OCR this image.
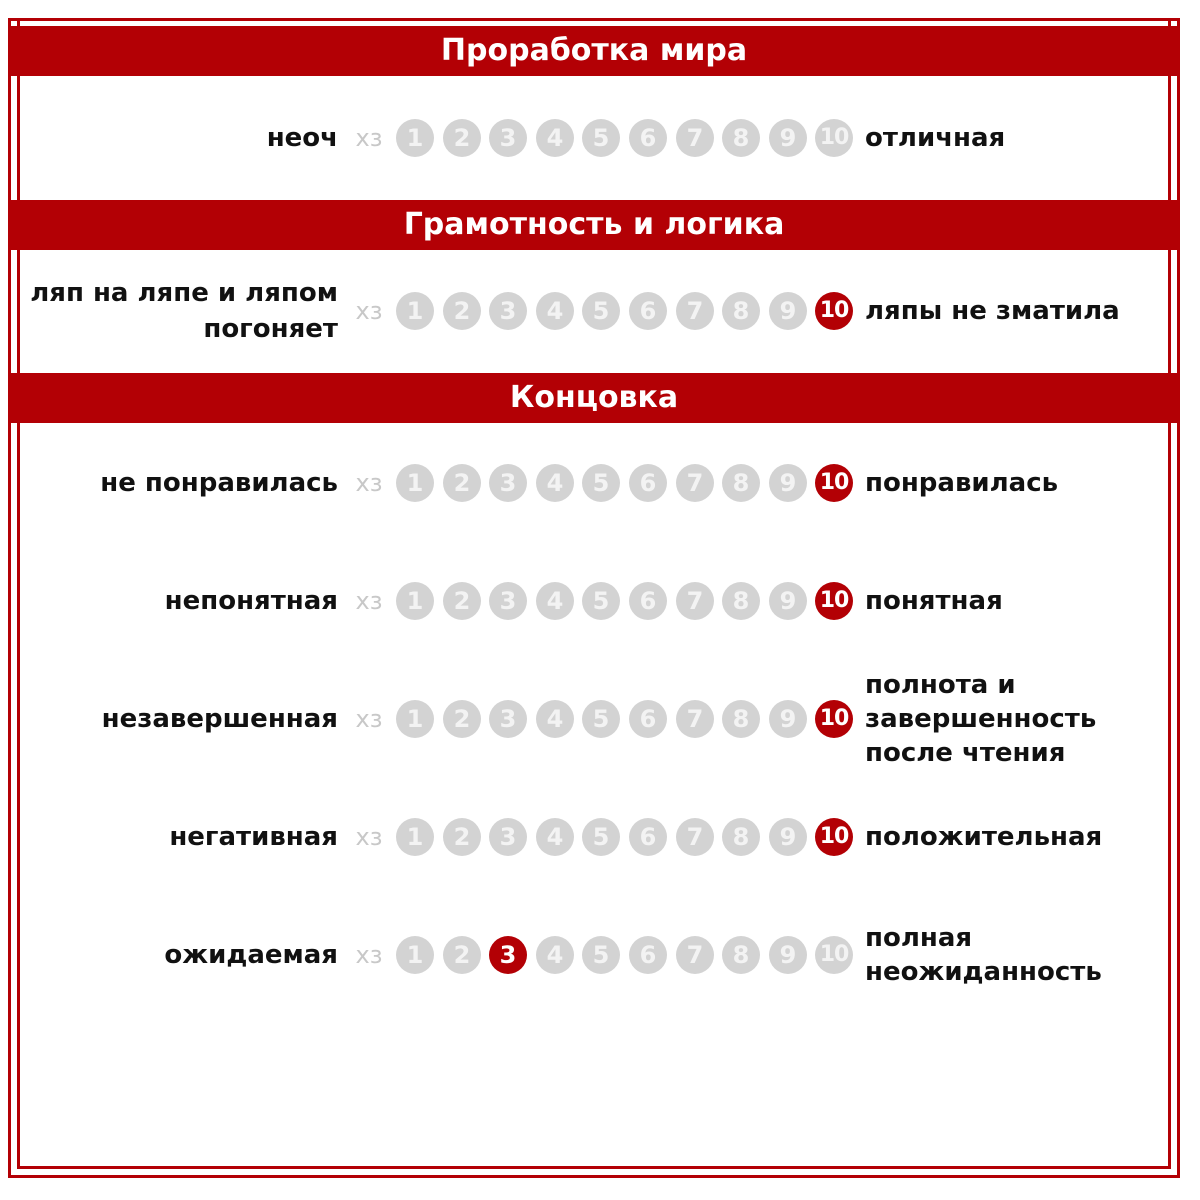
Проработка мира
неоч хз	1	2	3	4	5	6	7	8	9	10 отличная
Грамотность и логика
ляп на ляпе и ляпом
погоняет
хз	1	2	3	4	5	6	7	8	9	10 ляпы не зматила
Концовка
не понравилась хз	1	2	3	4	5	6	7	8	9	10 понравилась
непонятная хз	1	2	3	4	5	6	7	8	9	10 понятная
незавершенная хз	1	2	3	4	5	6	7	8	9	10
полнота и
завершенность
после чтения
негативная хз	1	2	3	4	5	6	7	8	9	10 положительная
ожидаемая хз	1	2	3	4	5	6	7	8	9	10
полная
неожиданность
